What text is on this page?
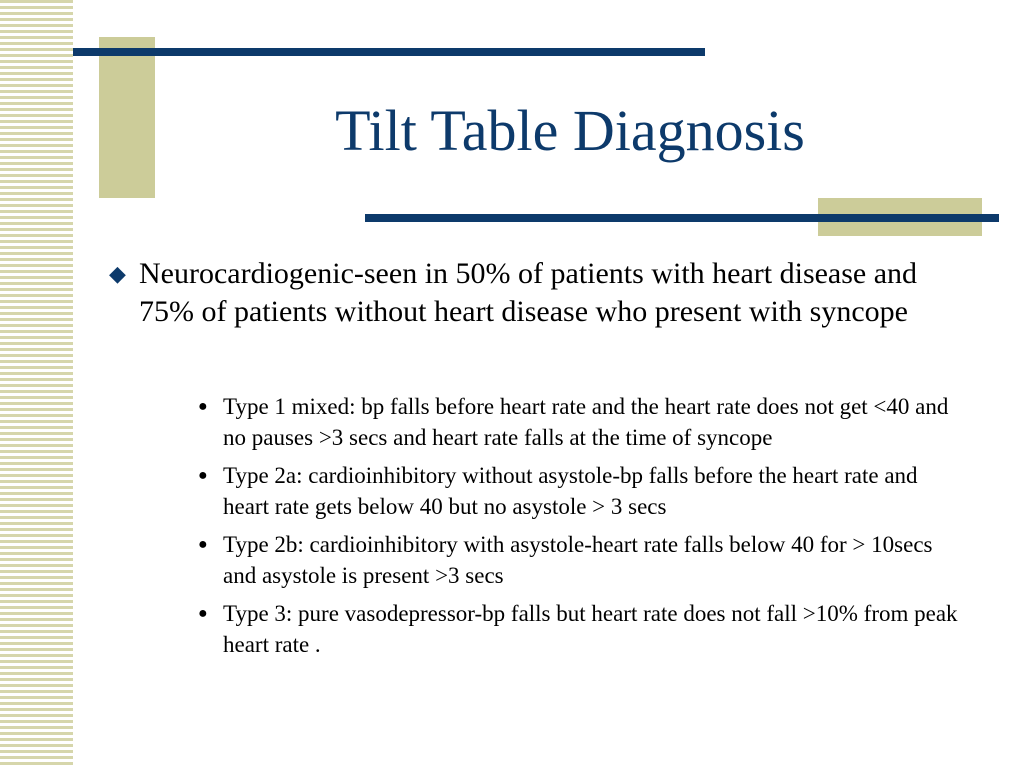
Tilt Table Diagnosis
◆ Neurocardiogenic-seen in 50% of patients with heart disease and 75% of patients without heart disease who present with syncope
● Type 1 mixed: bp falls before heart rate and the heart rate does not get <40 and no pauses >3 secs and heart rate falls at the time of syncope
● Type 2a: cardioinhibitory without asystole-bp falls before the heart rate and heart rate gets below 40 but no asystole > 3 secs
● Type 2b: cardioinhibitory with asystole-heart rate falls below 40 for > 10secs and asystole is present >3 secs
● Type 3: pure vasodepressor-bp falls but heart rate does not fall >10% from peak heart rate .
